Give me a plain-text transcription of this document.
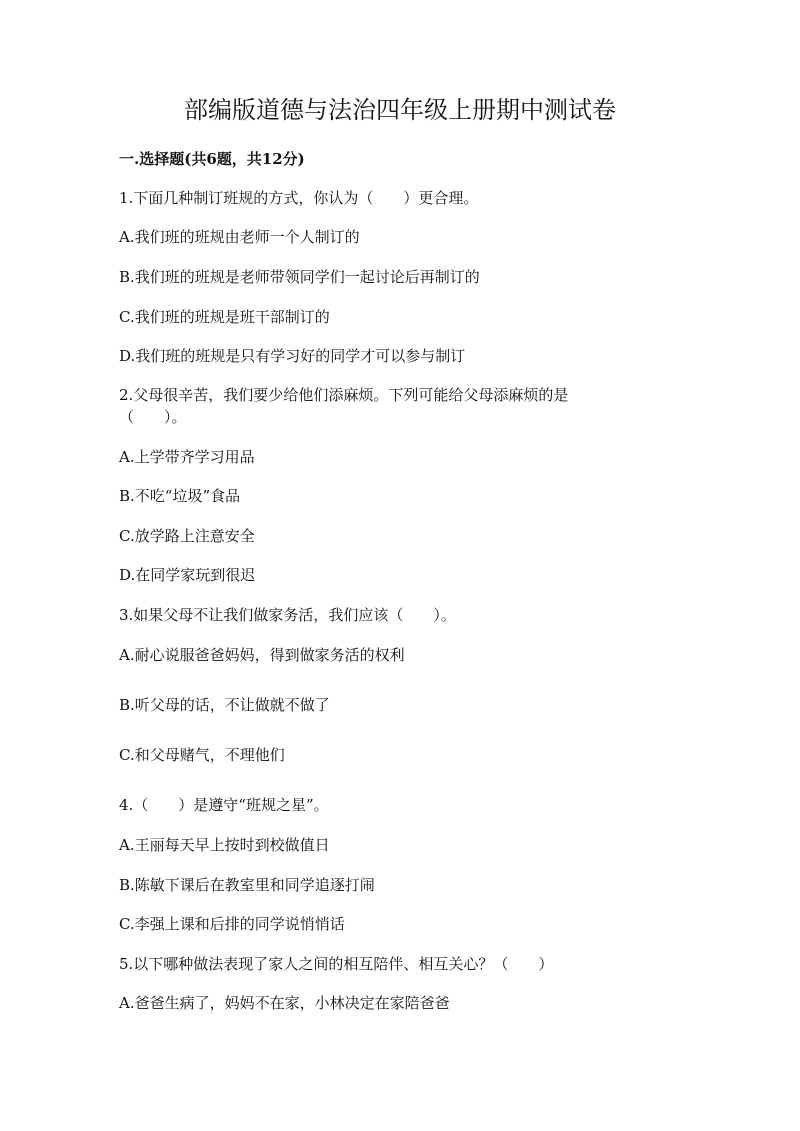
部编版道德与法治四年级上册期中测试卷

一.选择题(共6题，共12分)

1.下面几种制订班规的方式，你认为（　　）更合理。

A.我们班的班规由老师一个人制订的

B.我们班的班规是老师带领同学们一起讨论后再制订的

C.我们班的班规是班干部制订的

D.我们班的班规是只有学习好的同学才可以参与制订

2.父母很辛苦，我们要少给他们添麻烦。下列可能给父母添麻烦的是

（　　）。

A.上学带齐学习用品

B.不吃“垃圾”食品

C.放学路上注意安全

D.在同学家玩到很迟

3.如果父母不让我们做家务活，我们应该（　　）。

A.耐心说服爸爸妈妈，得到做家务活的权利

B.听父母的话，不让做就不做了

C.和父母赌气，不理他们

4.（　　）是遵守“班规之星”。

A.王丽每天早上按时到校做值日

B.陈敏下课后在教室里和同学追逐打闹

C.李强上课和后排的同学说悄悄话

5.以下哪种做法表现了家人之间的相互陪伴、相互关心？（　　）

A.爸爸生病了，妈妈不在家，小林决定在家陪爸爸
